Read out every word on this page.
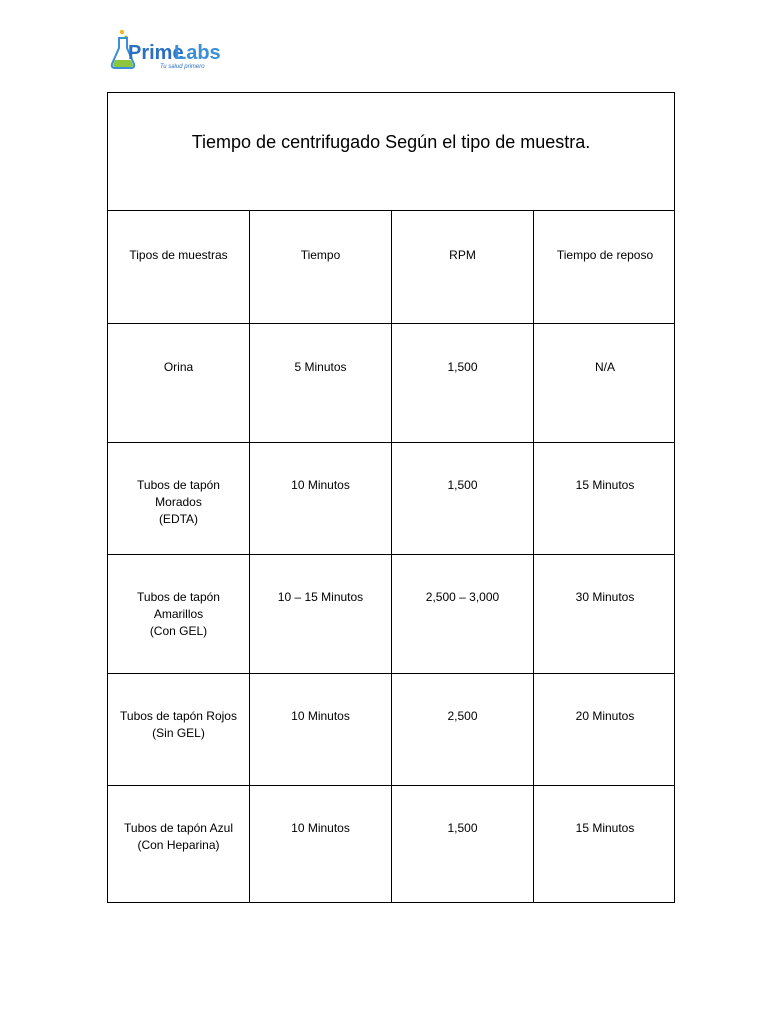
Prime
Labs
Tu salud primero
Tiempo de centrifugado Según el tipo de muestra.
Tipos de muestras	Tiempo	RPM	Tiempo de reposo
Orina	5 Minutos	1,500	N/A
Tubos de tapón
Morados
(EDTA)
10 Minutos	1,500	15 Minutos
Tubos de tapón
Amarillos
(Con GEL)
10 – 15 Minutos	2,500 – 3,000	30 Minutos
Tubos de tapón Rojos
(Sin GEL)
10 Minutos	2,500	20 Minutos
Tubos de tapón Azul
(Con Heparina)
10 Minutos	1,500	15 Minutos
